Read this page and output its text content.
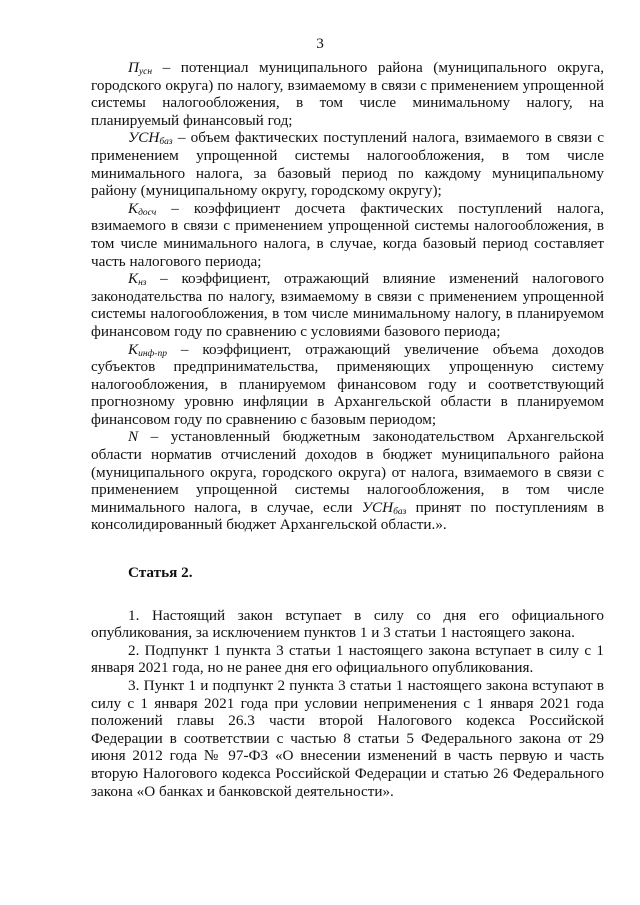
3

$П_{усн}$ – потенциал муниципального района (муниципального округа, городского округа) по налогу, взимаемому в связи с применением упрощенной системы налогообложения, в том числе минимальному налогу, на планируемый финансовый год;

$УСН_{баз}$ – объем фактических поступлений налога, взимаемого в связи с применением упрощенной системы налогообложения, в том числе минимального налога, за базовый период по каждому муниципальному району (муниципальному округу, городскому округу);

$К_{досч}$ – коэффициент досчета фактических поступлений налога, взимаемого в связи с применением упрощенной системы налогообложения, в том числе минимального налога, в случае, когда базовый период составляет часть налогового периода;

$К_{нз}$ – коэффициент, отражающий влияние изменений налогового законодательства по налогу, взимаемому в связи с применением упрощенной системы налогообложения, в том числе минимальному налогу, в планируемом финансовом году по сравнению с условиями базового периода;

$К_{инф-пр}$ – коэффициент, отражающий увеличение объема доходов субъектов предпринимательства, применяющих упрощенную систему налогообложения, в планируемом финансовом году и соответствующий прогнозному уровню инфляции в Архангельской области в планируемом финансовом году по сравнению с базовым периодом;

N – установленный бюджетным законодательством Архангельской области норматив отчислений доходов в бюджет муниципального района (муниципального округа, городского округа) от налога, взимаемого в связи с применением упрощенной системы налогообложения, в том числе минимального налога, в случае, если $УСН_{баз}$ принят по поступлениям в консолидированный бюджет Архангельской области.».

Статья 2.

1. Настоящий закон вступает в силу со дня его официального опубликования, за исключением пунктов 1 и 3 статьи 1 настоящего закона.

2. Подпункт 1 пункта 3 статьи 1 настоящего закона вступает в силу с 1 января 2021 года, но не ранее дня его официального опубликования.

3. Пункт 1 и подпункт 2 пункта 3 статьи 1 настоящего закона вступают в силу с 1 января 2021 года при условии неприменения с 1 января 2021 года положений главы 26.3 части второй Налогового кодекса Российской Федерации в соответствии с частью 8 статьи 5 Федерального закона от 29 июня 2012 года № 97-ФЗ «О внесении изменений в часть первую и часть вторую Налогового кодекса Российской Федерации и статью 26 Федерального закона «О банках и банковской деятельности».
